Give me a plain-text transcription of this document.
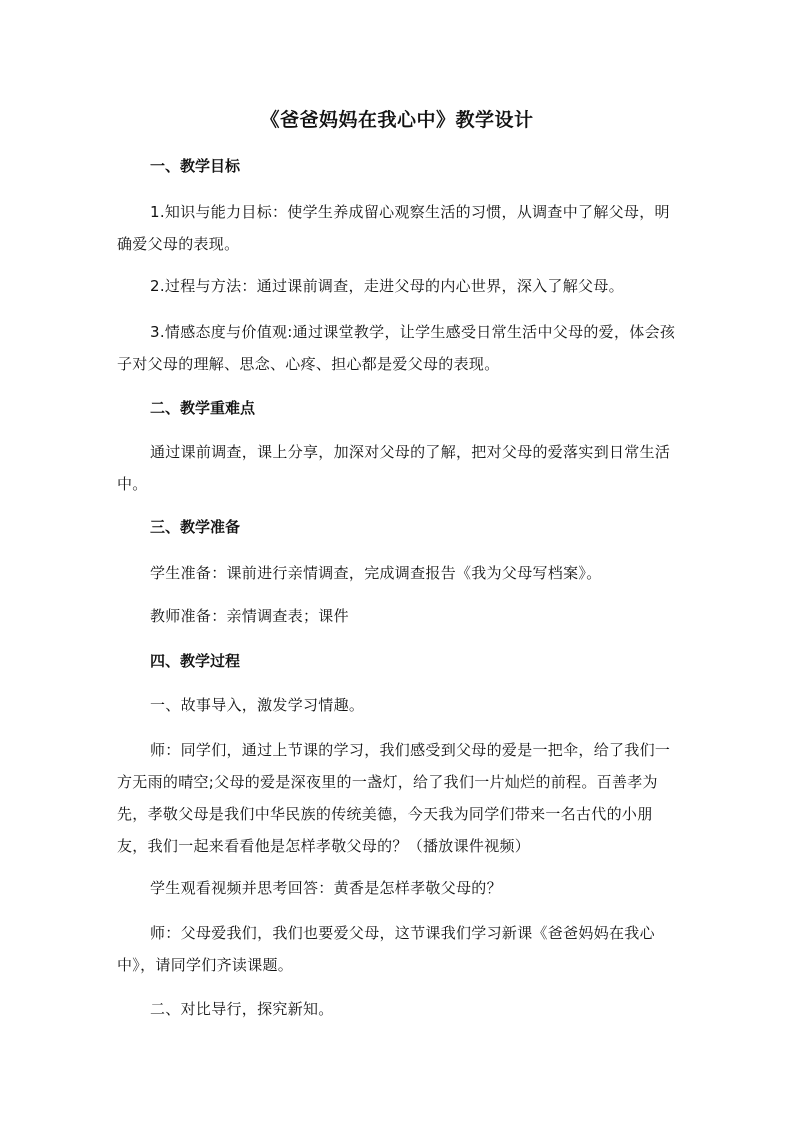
《爸爸妈妈在我心中》教学设计
一、教学目标

1.知识与能力目标：使学生养成留心观察生活的习惯，从调查中了解父母，明确爱父母的表现。

2.过程与方法：通过课前调查，走进父母的内心世界，深入了解父母。

3.情感态度与价值观:通过课堂教学，让学生感受日常生活中父母的爱，体会孩子对父母的理解、思念、心疼、担心都是爱父母的表现。

二、教学重难点

通过课前调查，课上分享，加深对父母的了解，把对父母的爱落实到日常生活中。

三、教学准备

学生准备：课前进行亲情调查，完成调查报告《我为父母写档案》。

教师准备：亲情调查表；课件

四、教学过程

一、故事导入，激发学习情趣。

师：同学们，通过上节课的学习，我们感受到父母的爱是一把伞，给了我们一方无雨的晴空;父母的爱是深夜里的一盏灯，给了我们一片灿烂的前程。百善孝为先，孝敬父母是我们中华民族的传统美德，今天我为同学们带来一名古代的小朋友，我们一起来看看他是怎样孝敬父母的？（播放课件视频）

学生观看视频并思考回答：黄香是怎样孝敬父母的？

师：父母爱我们，我们也要爱父母，这节课我们学习新课《爸爸妈妈在我心中》，请同学们齐读课题。

二、对比导行，探究新知。
